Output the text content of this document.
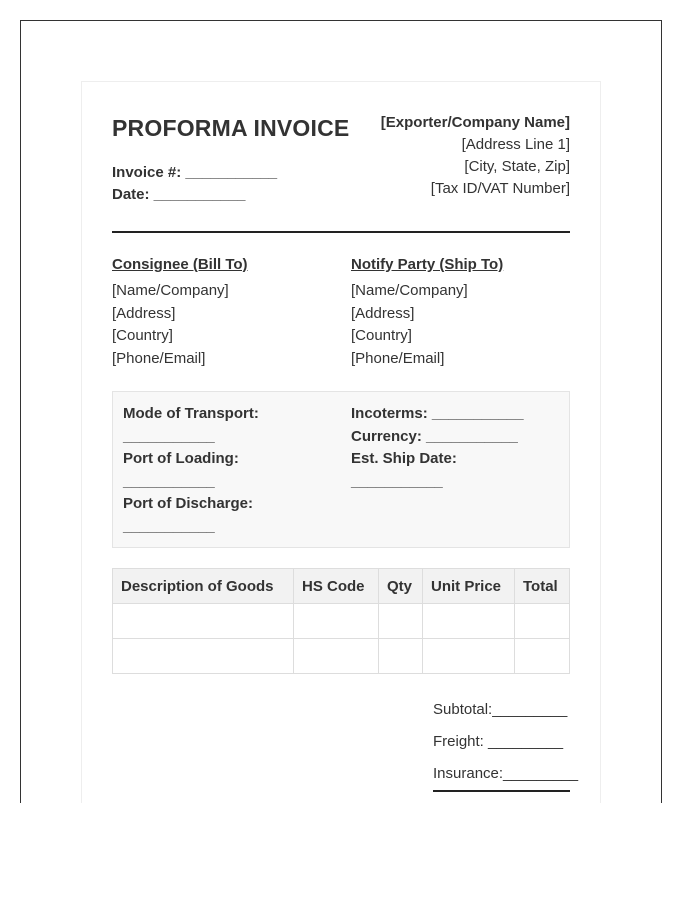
PROFORMA INVOICE
Invoice #: ___________
Date: ___________
[Exporter/Company Name]
[Address Line 1]
[City, State, Zip]
[Tax ID/VAT Number]
Consignee (Bill To)
[Name/Company]
[Address]
[Country]
[Phone/Email]
Notify Party (Ship To)
[Name/Company]
[Address]
[Country]
[Phone/Email]
Mode of Transport:
___________
Port of Loading:
___________
Port of Discharge:
___________
Incoterms: ___________
Currency: ___________
Est. Ship Date:
___________
Description of Goods	HS Code	Qty	Unit Price	Total

Subtotal:_________
Freight: _________
Insurance:_________
